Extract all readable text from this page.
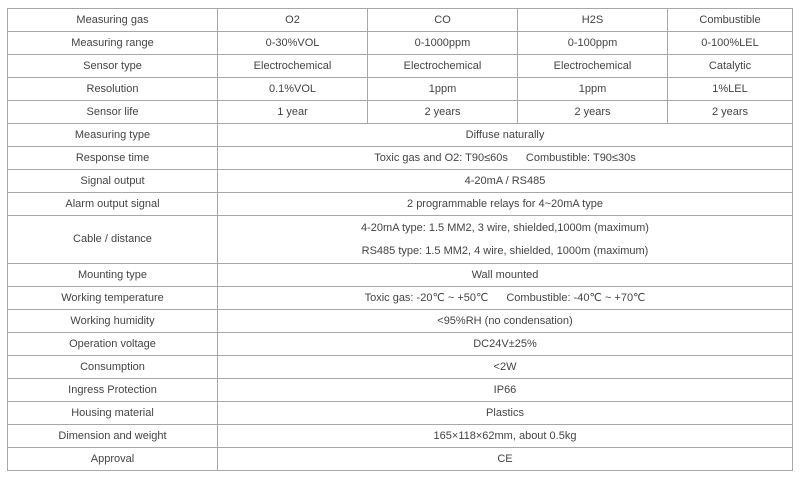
Measuring gas	O2	CO	H2S	Combustible
Measuring range	0-30%VOL	0-1000ppm	0-100ppm	0-100%LEL
Sensor type	Electrochemical	Electrochemical	Electrochemical	Catalytic
Resolution	0.1%VOL	1ppm	1ppm	1%LEL
Sensor life	1 year	2 years	2 years	2 years
Measuring type	Diffuse naturally			
Response time	Toxic gas and O2: T90≤60s Combustible: T90≤30s			
Signal output	4-20mA / RS485			
Alarm output signal	2 programmable relays for 4~20mA type			
Cable / distance	4-20mA type: 1.5 MM2, 3 wire, shielded,1000m (maximum)
RS485 type: 1.5 MM2, 4 wire, shielded, 1000m (maximum)			

Mounting type	Wall mounted			
Working temperature	Toxic gas: -20℃ ~ +50℃ Combustible: -40℃ ~ +70℃			
Working humidity	<95%RH (no condensation)			
Operation voltage	DC24V±25%			
Consumption	<2W			
Ingress Protection	IP66			
Housing material	Plastics			
Dimension and weight	165×118×62mm, about 0.5kg			
Approval	CE			
